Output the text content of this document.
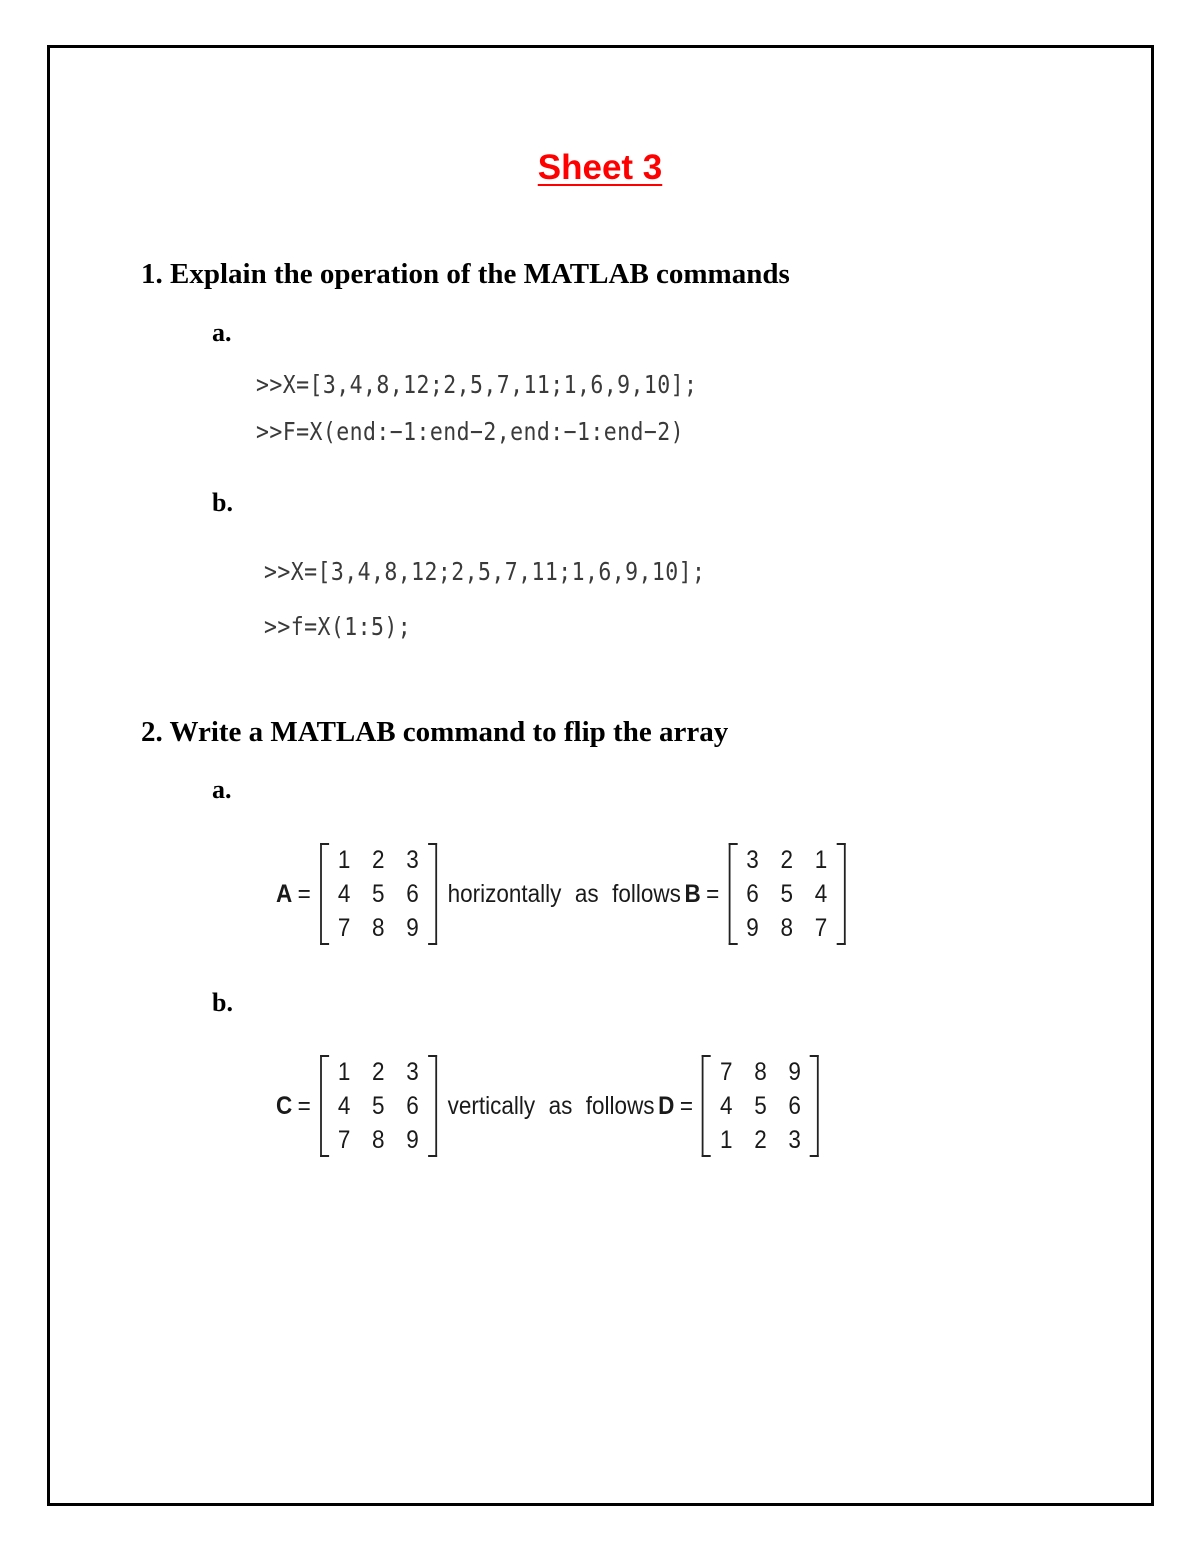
Sheet 3
1. Explain the operation of the MATLAB commands
a.
>>X=[3,4,8,12;2,5,7,11;1,6,9,10];
>>F=X(end:−1:end−2,end:−1:end−2)
b.
>>X=[3,4,8,12;2,5,7,11;1,6,9,10];
>>f=X(1:5);
2. Write a MATLAB command to flip the array
a.
A =
1 2 3
4 5 6
7 8 9
horizontally as follows B =
3 2 1
6 5 4
9 8 7
b.
C =
1 2 3
4 5 6
7 8 9
vertically as follows D =
7 8 9
4 5 6
1 2 3
